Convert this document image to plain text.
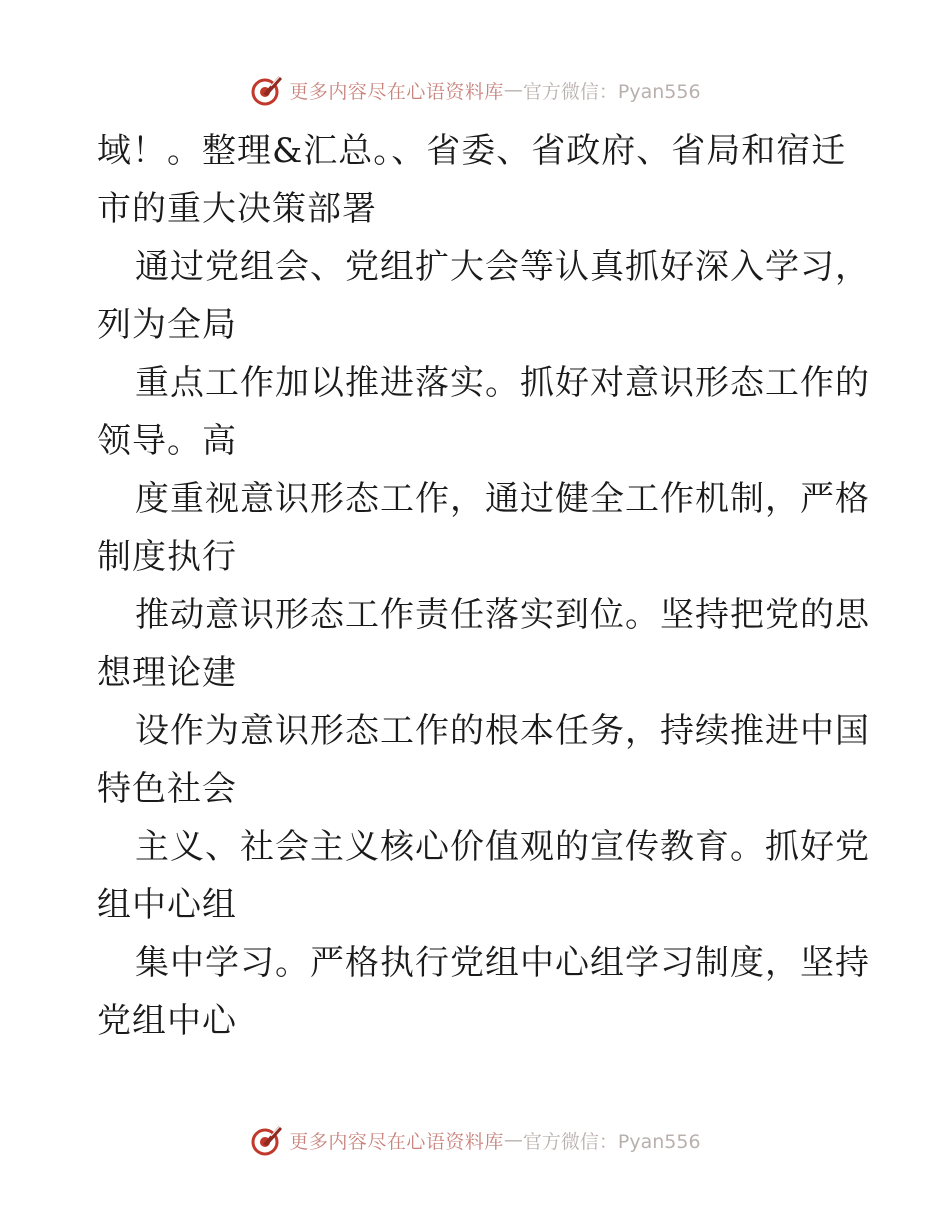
更多内容尽在心语资料库 — 官方微信：Pyan556

域！。整理&汇总。、省委、省政府、省局和宿迁

市的重大决策部署

通过党组会、党组扩大会等认真抓好深入学习，

列为全局

重点工作加以推进落实。抓好对意识形态工作的

领导。高

度重视意识形态工作，通过健全工作机制，严格

制度执行

推动意识形态工作责任落实到位。坚持把党的思

想理论建

设作为意识形态工作的根本任务，持续推进中国

特色社会

主义、社会主义核心价值观的宣传教育。抓好党

组中心组

集中学习。严格执行党组中心组学习制度，坚持

党组中心

更多内容尽在心语资料库 — 官方微信：Pyan556
